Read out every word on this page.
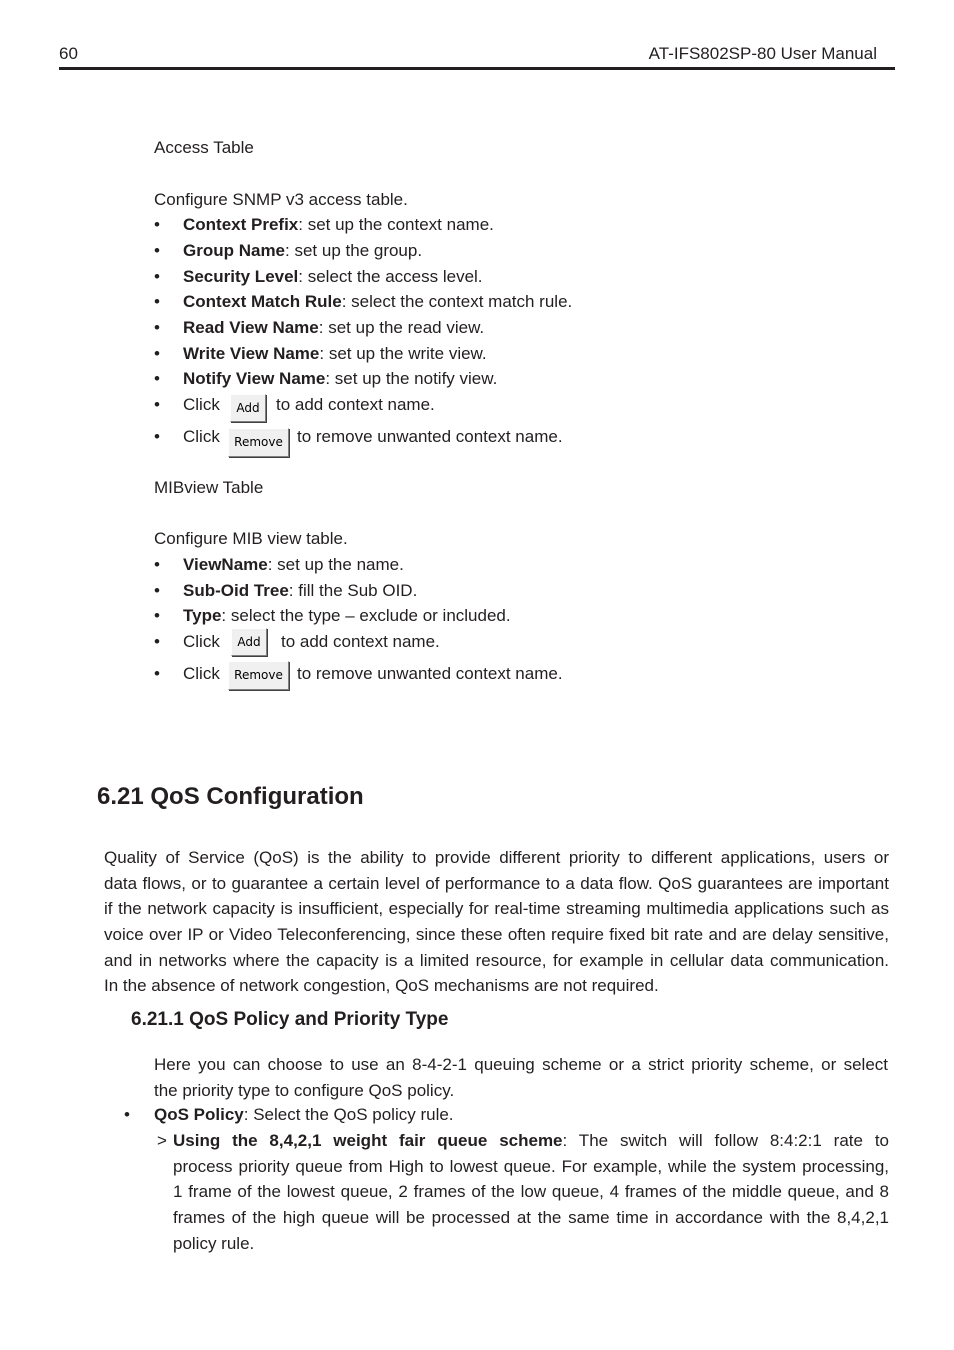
60	AT-IFS802SP-80 User Manual
Access Table
Configure SNMP v3 access table.
•	Context Prefix: set up the context name.
•	Group Name: set up the group.
•	Security Level: select the access level.
•	Context Match Rule: select the context match rule.
•	Read View Name: set up the read view.
•	Write View Name: set up the write view.
•	Notify View Name: set up the notify view.
•	Click	Add to add context name.
•	Click	Remove to remove unwanted context name.
MIBview Table
Configure MIB view table.
•	ViewName: set up the name.
•	Sub-Oid Tree: fill the Sub OID.
•	Type: select the type – exclude or included.
•	Click	Add	to add context name.
•	Click	Remove to remove unwanted context name.
6.21 QoS Configuration
Quality of Service (QoS) is the ability to provide different priority to different applications, users or
data flows, or to guarantee a certain level of performance to a data flow. QoS guarantees are important
if the network capacity is insufficient, especially for real-time streaming multimedia applications such as
voice over IP or Video Teleconferencing, since these often require fixed bit rate and are delay sensitive,
and in networks where the capacity is a limited resource, for example in cellular data communication.
In the absence of network congestion, QoS mechanisms are not required.
6.21.1 QoS Policy and Priority Type
Here you can choose to use an 8-4-2-1 queuing scheme or a strict priority scheme, or select
the priority type to configure QoS policy.
•	QoS Policy: Select the QoS policy rule.
> Using the 8,4,2,1 weight fair queue scheme: The switch will follow 8:4:2:1 rate to
process priority queue from High to lowest queue. For example, while the system processing,
1 frame of the lowest queue, 2 frames of the low queue, 4 frames of the middle queue, and 8
frames of the high queue will be processed at the same time in accordance with the 8,4,2,1
policy rule.
